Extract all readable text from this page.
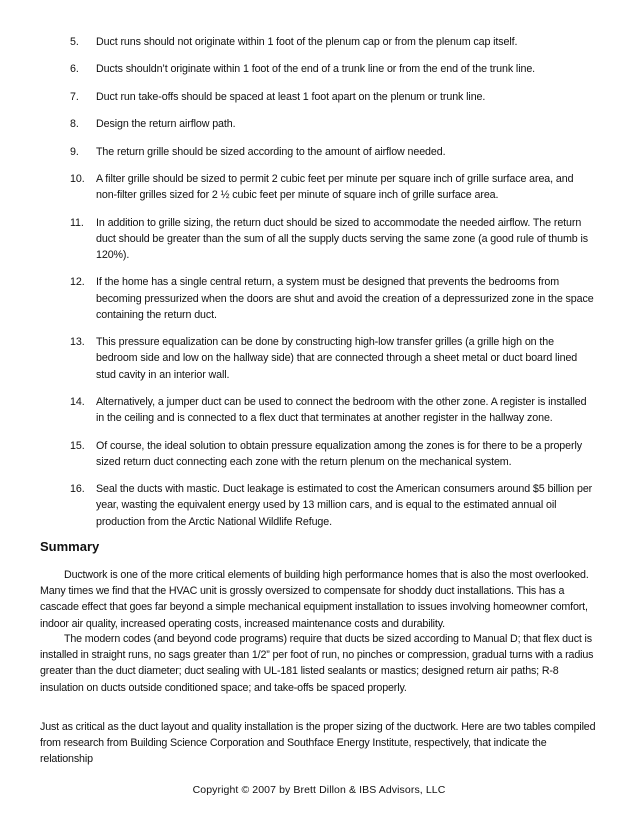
5. Duct runs should not originate within 1 foot of the plenum cap or from the plenum cap itself.
6. Ducts shouldn’t originate within 1 foot of the end of a trunk line or from the end of the trunk line.
7. Duct run take-offs should be spaced at least 1 foot apart on the plenum or trunk line.
8. Design the return airflow path.
9. The return grille should be sized according to the amount of airflow needed.
10. A filter grille should be sized to permit 2 cubic feet per minute per square inch of grille surface area, and non-filter grilles sized for 2 ½ cubic feet per minute of square inch of grille surface area.
11. In addition to grille sizing, the return duct should be sized to accommodate the needed airflow. The return duct should be greater than the sum of all the supply ducts serving the same zone (a good rule of thumb is 120%).
12. If the home has a single central return, a system must be designed that prevents the bedrooms from becoming pressurized when the doors are shut and avoid the creation of a depressurized zone in the space containing the return duct.
13. This pressure equalization can be done by constructing high-low transfer grilles (a grille high on the bedroom side and low on the hallway side) that are connected through a sheet metal or duct board lined stud cavity in an interior wall.
14. Alternatively, a jumper duct can be used to connect the bedroom with the other zone. A register is installed in the ceiling and is connected to a flex duct that terminates at another register in the hallway zone.
15. Of course, the ideal solution to obtain pressure equalization among the zones is for there to be a properly sized return duct connecting each zone with the return plenum on the mechanical system.
16. Seal the ducts with mastic. Duct leakage is estimated to cost the American consumers around $5 billion per year, wasting the equivalent energy used by 13 million cars, and is equal to the estimated annual oil production from the Arctic National Wildlife Refuge.
Summary

Ductwork is one of the more critical elements of building high performance homes that is also the most overlooked. Many times we find that the HVAC unit is grossly oversized to compensate for shoddy duct installations. This has a cascade effect that goes far beyond a simple mechanical equipment installation to issues involving homeowner comfort, indoor air quality, increased operating costs, increased maintenance costs and durability.

The modern codes (and beyond code programs) require that ducts be sized according to Manual D; that flex duct is installed in straight runs, no sags greater than 1/2” per foot of run, no pinches or compression, gradual turns with a radius greater than the duct diameter; duct sealing with UL-181 listed sealants or mastics; designed return air paths; R-8 insulation on ducts outside conditioned space; and take-offs be spaced properly.

Just as critical as the duct layout and quality installation is the proper sizing of the ductwork. Here are two tables compiled from research from Building Science Corporation and Southface Energy Institute, respectively, that indicate the relationship

Copyright © 2007 by Brett Dillon & IBS Advisors, LLC
